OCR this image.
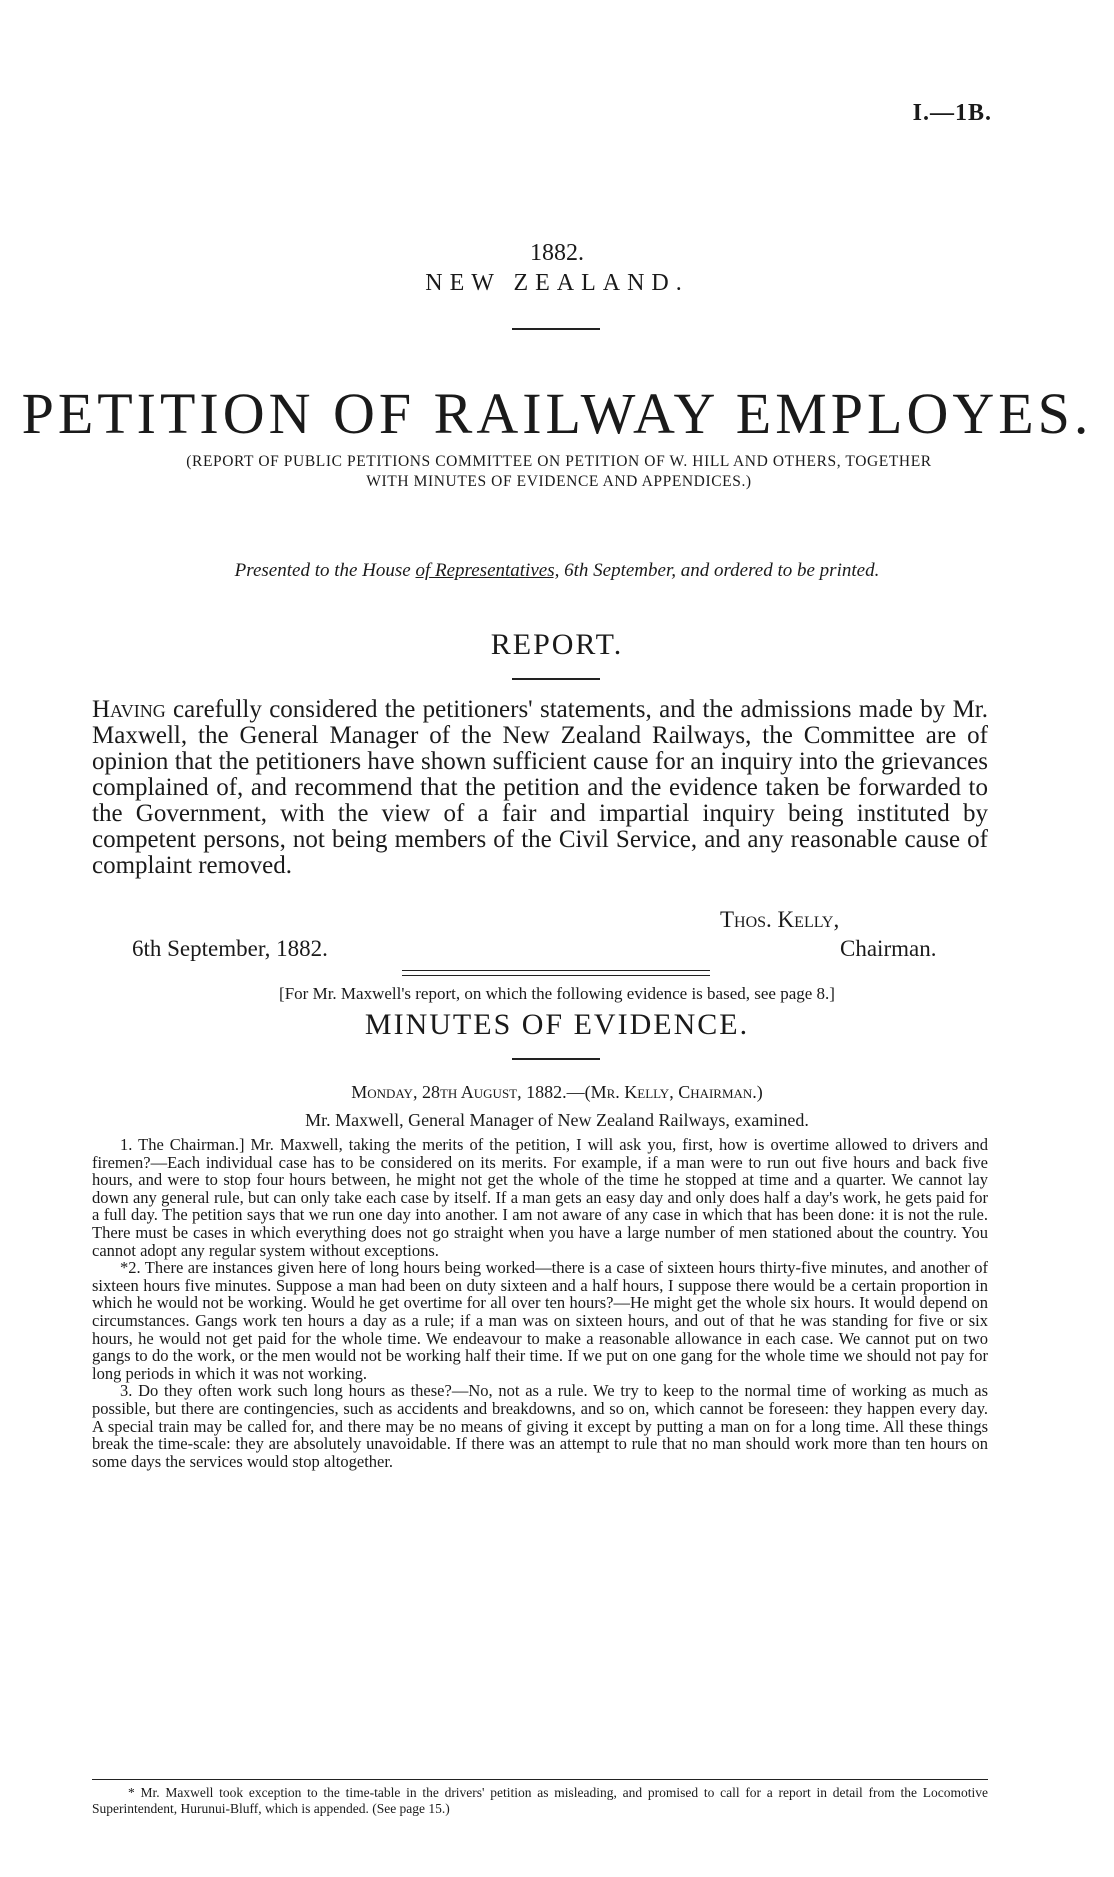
I.—1B.
1882.
NEW ZEALAND.
PETITION OF RAILWAY EMPLOYES.
(REPORT OF PUBLIC PETITIONS COMMITTEE ON PETITION OF W. HILL AND OTHERS, TOGETHER
WITH MINUTES OF EVIDENCE AND APPENDICES.)
Presented to the House of Representatives, 6th September, and ordered to be printed.
REPORT.
Having carefully considered the petitioners' statements, and the admissions made by Mr. Maxwell, the General Manager of the New Zealand Railways, the Committee are of opinion that the petitioners have shown sufficient cause for an inquiry into the grievances complained of, and recommend that the petition and the evidence taken be forwarded to the Government, with the view of a fair and impartial inquiry being instituted by competent persons, not being members of the Civil Service, and any reasonable cause of complaint removed.
Thos. Kelly,
6th September, 1882.	Chairman.
[For Mr. Maxwell's report, on which the following evidence is based, see page 8.]
MINUTES OF EVIDENCE.
Monday, 28th August, 1882.—(Mr. Kelly, Chairman.)
Mr. Maxwell, General Manager of New Zealand Railways, examined.

1. The Chairman.] Mr. Maxwell, taking the merits of the petition, I will ask you, first, how is overtime allowed to drivers and firemen?—Each individual case has to be considered on its merits. For example, if a man were to run out five hours and back five hours, and were to stop four hours between, he might not get the whole of the time he stopped at time and a quarter. We cannot lay down any general rule, but can only take each case by itself. If a man gets an easy day and only does half a day's work, he gets paid for a full day. The petition says that we run one day into another. I am not aware of any case in which that has been done: it is not the rule. There must be cases in which everything does not go straight when you have a large number of men stationed about the country. You cannot adopt any regular system without exceptions.

*2. There are instances given here of long hours being worked—there is a case of sixteen hours thirty-five minutes, and another of sixteen hours five minutes. Suppose a man had been on duty sixteen and a half hours, I suppose there would be a certain proportion in which he would not be working. Would he get overtime for all over ten hours?—He might get the whole six hours. It would depend on circumstances. Gangs work ten hours a day as a rule; if a man was on sixteen hours, and out of that he was standing for five or six hours, he would not get paid for the whole time. We endeavour to make a reasonable allowance in each case. We cannot put on two gangs to do the work, or the men would not be working half their time. If we put on one gang for the whole time we should not pay for long periods in which it was not working.

3. Do they often work such long hours as these?—No, not as a rule. We try to keep to the normal time of working as much as possible, but there are contingencies, such as accidents and breakdowns, and so on, which cannot be foreseen: they happen every day. A special train may be called for, and there may be no means of giving it except by putting a man on for a long time. All these things break the time-scale: they are absolutely unavoidable. If there was an attempt to rule that no man should work more than ten hours on some days the services would stop altogether.

* Mr. Maxwell took exception to the time-table in the drivers' petition as misleading, and promised to call for a report in detail from the Locomotive Superintendent, Hurunui-Bluff, which is appended. (See page 15.)
